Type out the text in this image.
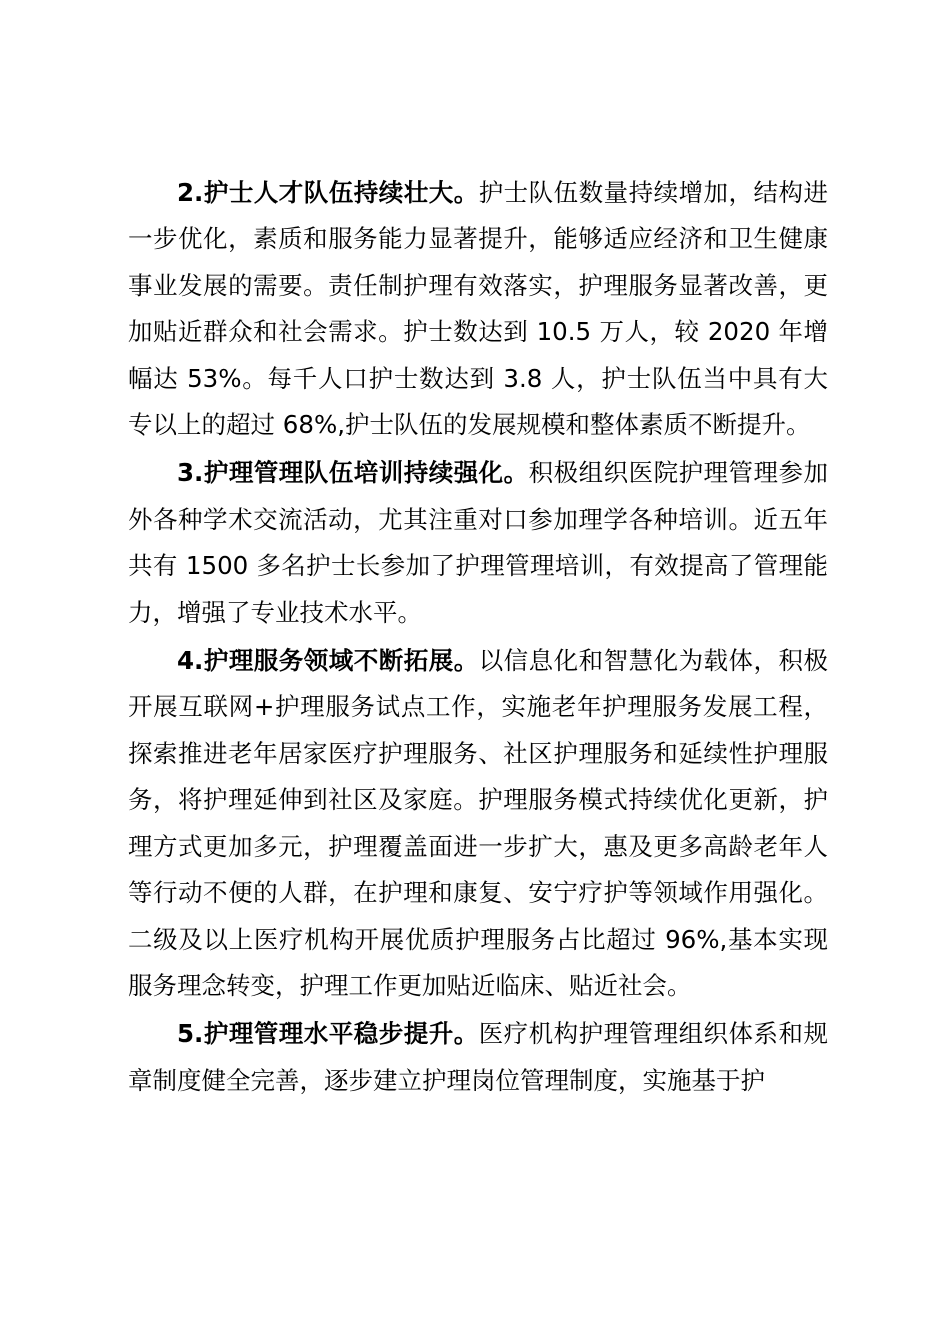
2.护士人才队伍持续壮大。护士队伍数量持续增加，结构进一步优化，素质和服务能力显著提升，能够适应经济和卫生健康事业发展的需要。责任制护理有效落实，护理服务显著改善，更加贴近群众和社会需求。护士数达到 10.5 万人，较 2020 年增幅达 53%。每千人口护士数达到 3.8 人，护士队伍当中具有大专以上的超过 68%,护士队伍的发展规模和整体素质不断提升。

3.护理管理队伍培训持续强化。积极组织医院护理管理参加外各种学术交流活动，尤其注重对口参加理学各种培训。近五年共有 1500 多名护士长参加了护理管理培训，有效提高了管理能力，增强了专业技术水平。

4.护理服务领域不断拓展。以信息化和智慧化为载体，积极开展互联网+护理服务试点工作，实施老年护理服务发展工程，探索推进老年居家医疗护理服务、社区护理服务和延续性护理服务，将护理延伸到社区及家庭。护理服务模式持续优化更新，护理方式更加多元，护理覆盖面进一步扩大，惠及更多高龄老年人等行动不便的人群，在护理和康复、安宁疗护等领域作用强化。二级及以上医疗机构开展优质护理服务占比超过 96%,基本实现服务理念转变，护理工作更加贴近临床、贴近社会。

5.护理管理水平稳步提升。医疗机构护理管理组织体系和规章制度健全完善，逐步建立护理岗位管理制度，实施基于护
